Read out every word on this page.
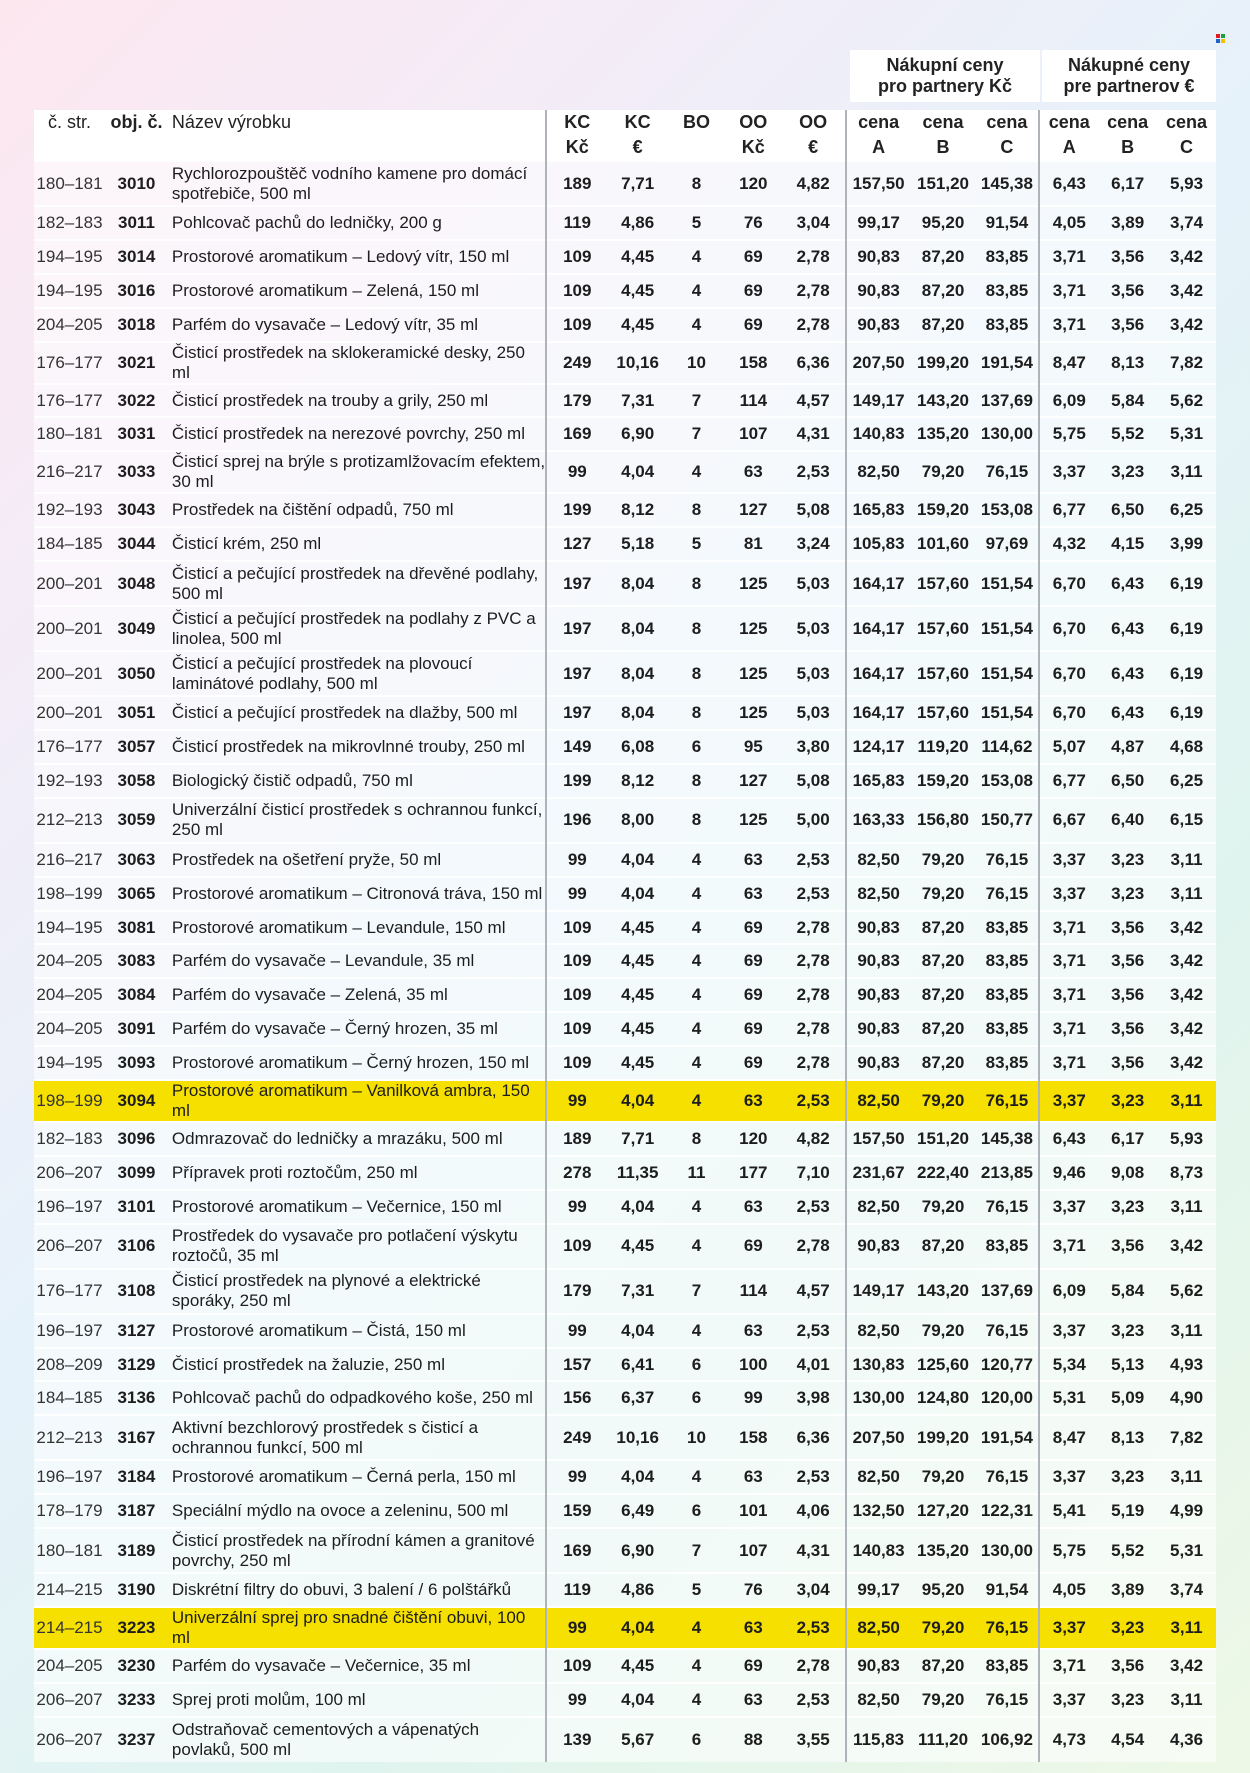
Nákupní ceny
pro partnery Kč
Nákupné ceny
pre partnerov €
č. str.	obj. č.	Název výrobku	KC	KC	BO	OO	OO	cena	cena	cena	cena	cena	cena
			Kč	€		Kč	€	A	B	C	A	B	C
180–181	3010	Rychlorozpouštěč vodního kamene pro domácí spotřebiče, 500 ml	189	7,71	8	120	4,82	157,50	151,20	145,38	6,43	6,17	5,93
182–183	3011	Pohlcovač pachů do ledničky, 200 g	119	4,86	5	76	3,04	99,17	95,20	91,54	4,05	3,89	3,74
194–195	3014	Prostorové aromatikum – Ledový vítr, 150 ml	109	4,45	4	69	2,78	90,83	87,20	83,85	3,71	3,56	3,42
194–195	3016	Prostorové aromatikum – Zelená, 150 ml	109	4,45	4	69	2,78	90,83	87,20	83,85	3,71	3,56	3,42
204–205	3018	Parfém do vysavače – Ledový vítr, 35 ml	109	4,45	4	69	2,78	90,83	87,20	83,85	3,71	3,56	3,42
176–177	3021	Čisticí prostředek na sklokeramické desky, 250 ml	249	10,16	10	158	6,36	207,50	199,20	191,54	8,47	8,13	7,82
176–177	3022	Čisticí prostředek na trouby a grily, 250 ml	179	7,31	7	114	4,57	149,17	143,20	137,69	6,09	5,84	5,62
180–181	3031	Čisticí prostředek na nerezové povrchy, 250 ml	169	6,90	7	107	4,31	140,83	135,20	130,00	5,75	5,52	5,31
216–217	3033	Čisticí sprej na brýle s protizamlžovacím efektem, 30 ml	99	4,04	4	63	2,53	82,50	79,20	76,15	3,37	3,23	3,11
192–193	3043	Prostředek na čištění odpadů, 750 ml	199	8,12	8	127	5,08	165,83	159,20	153,08	6,77	6,50	6,25
184–185	3044	Čisticí krém, 250 ml	127	5,18	5	81	3,24	105,83	101,60	97,69	4,32	4,15	3,99
200–201	3048	Čisticí a pečující prostředek na dřevěné podlahy, 500 ml	197	8,04	8	125	5,03	164,17	157,60	151,54	6,70	6,43	6,19
200–201	3049	Čisticí a pečující prostředek na podlahy z PVC a linolea, 500 ml	197	8,04	8	125	5,03	164,17	157,60	151,54	6,70	6,43	6,19
200–201	3050	Čisticí a pečující prostředek na plovoucí laminátové podlahy, 500 ml	197	8,04	8	125	5,03	164,17	157,60	151,54	6,70	6,43	6,19
200–201	3051	Čisticí a pečující prostředek na dlažby, 500 ml	197	8,04	8	125	5,03	164,17	157,60	151,54	6,70	6,43	6,19
176–177	3057	Čisticí prostředek na mikrovlnné trouby, 250 ml	149	6,08	6	95	3,80	124,17	119,20	114,62	5,07	4,87	4,68
192–193	3058	Biologický čistič odpadů, 750 ml	199	8,12	8	127	5,08	165,83	159,20	153,08	6,77	6,50	6,25
212–213	3059	Univerzální čisticí prostředek s ochrannou funkcí, 250 ml	196	8,00	8	125	5,00	163,33	156,80	150,77	6,67	6,40	6,15
216–217	3063	Prostředek na ošetření pryže, 50 ml	99	4,04	4	63	2,53	82,50	79,20	76,15	3,37	3,23	3,11
198–199	3065	Prostorové aromatikum – Citronová tráva, 150 ml	99	4,04	4	63	2,53	82,50	79,20	76,15	3,37	3,23	3,11
194–195	3081	Prostorové aromatikum – Levandule, 150 ml	109	4,45	4	69	2,78	90,83	87,20	83,85	3,71	3,56	3,42
204–205	3083	Parfém do vysavače – Levandule, 35 ml	109	4,45	4	69	2,78	90,83	87,20	83,85	3,71	3,56	3,42
204–205	3084	Parfém do vysavače – Zelená, 35 ml	109	4,45	4	69	2,78	90,83	87,20	83,85	3,71	3,56	3,42
204–205	3091	Parfém do vysavače – Černý hrozen, 35 ml	109	4,45	4	69	2,78	90,83	87,20	83,85	3,71	3,56	3,42
194–195	3093	Prostorové aromatikum – Černý hrozen, 150 ml	109	4,45	4	69	2,78	90,83	87,20	83,85	3,71	3,56	3,42
198–199	3094	Prostorové aromatikum – Vanilková ambra, 150 ml	99	4,04	4	63	2,53	82,50	79,20	76,15	3,37	3,23	3,11
182–183	3096	Odmrazovač do ledničky a mrazáku, 500 ml	189	7,71	8	120	4,82	157,50	151,20	145,38	6,43	6,17	5,93
206–207	3099	Přípravek proti roztočům, 250 ml	278	11,35	11	177	7,10	231,67	222,40	213,85	9,46	9,08	8,73
196–197	3101	Prostorové aromatikum – Večernice, 150 ml	99	4,04	4	63	2,53	82,50	79,20	76,15	3,37	3,23	3,11
206–207	3106	Prostředek do vysavače pro potlačení výskytu roztočů, 35 ml	109	4,45	4	69	2,78	90,83	87,20	83,85	3,71	3,56	3,42
176–177	3108	Čisticí prostředek na plynové a elektrické sporáky, 250 ml	179	7,31	7	114	4,57	149,17	143,20	137,69	6,09	5,84	5,62
196–197	3127	Prostorové aromatikum – Čistá, 150 ml	99	4,04	4	63	2,53	82,50	79,20	76,15	3,37	3,23	3,11
208–209	3129	Čisticí prostředek na žaluzie, 250 ml	157	6,41	6	100	4,01	130,83	125,60	120,77	5,34	5,13	4,93
184–185	3136	Pohlcovač pachů do odpadkového koše, 250 ml	156	6,37	6	99	3,98	130,00	124,80	120,00	5,31	5,09	4,90
212–213	3167	Aktivní bezchlorový prostředek s čisticí a ochrannou funkcí, 500 ml	249	10,16	10	158	6,36	207,50	199,20	191,54	8,47	8,13	7,82
196–197	3184	Prostorové aromatikum – Černá perla, 150 ml	99	4,04	4	63	2,53	82,50	79,20	76,15	3,37	3,23	3,11
178–179	3187	Speciální mýdlo na ovoce a zeleninu, 500 ml	159	6,49	6	101	4,06	132,50	127,20	122,31	5,41	5,19	4,99
180–181	3189	Čisticí prostředek na přírodní kámen a granitové povrchy, 250 ml	169	6,90	7	107	4,31	140,83	135,20	130,00	5,75	5,52	5,31
214–215	3190	Diskrétní filtry do obuvi, 3 balení / 6 polštářků	119	4,86	5	76	3,04	99,17	95,20	91,54	4,05	3,89	3,74
214–215	3223	Univerzální sprej pro snadné čištění obuvi, 100 ml	99	4,04	4	63	2,53	82,50	79,20	76,15	3,37	3,23	3,11
204–205	3230	Parfém do vysavače – Večernice, 35 ml	109	4,45	4	69	2,78	90,83	87,20	83,85	3,71	3,56	3,42
206–207	3233	Sprej proti molům, 100 ml	99	4,04	4	63	2,53	82,50	79,20	76,15	3,37	3,23	3,11
206–207	3237	Odstraňovač cementových a vápenatých povlaků, 500 ml	139	5,67	6	88	3,55	115,83	111,20	106,92	4,73	4,54	4,36
